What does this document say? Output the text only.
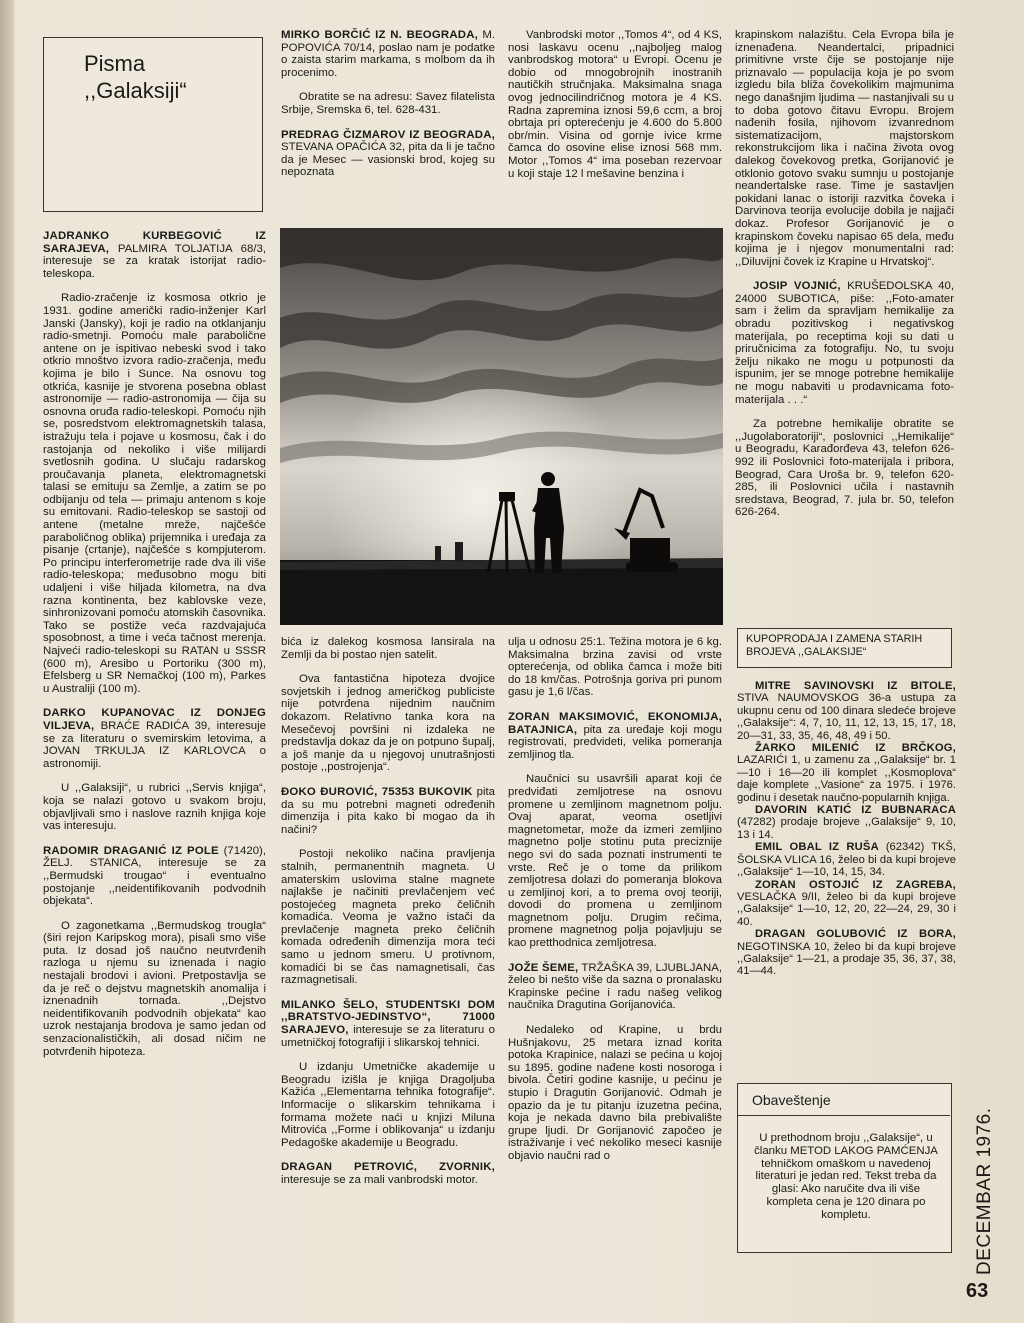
Pisma
,,Galaksiji“

JADRANKO KURBEGOVIĆ IZ SARAJEVA, PALMIRA TOLJATIJA 68/3, interesuje se za kratak istorijat radio-teleskopa.

Radio-zračenje iz kosmosa otkrio je 1931. godine američki radio-inženjer Karl Janski (Jansky), koji je radio na otklanjanju radio-smetnji. Pomoću male parabolične antene on je ispitivao nebeski svod i tako otkrio mnoštvo izvora radio-zračenja, među kojima je bilo i Sunce. Na osnovu tog otkrića, kasnije je stvorena posebna oblast astronomije — radio-astronomija — čija su osnovna oruđa radio-teleskopi. Pomoću njih se, posredstvom elektromagnetskih talasa, istražuju tela i pojave u kosmosu, čak i do rastojanja od nekoliko i više milijardi svetlosnih godina. U slučaju radarskog proučavanja planeta, elektromagnetski talasi se emituju sa Zemlje, a zatim se po odbijanju od tela — primaju antenom s koje su emitovani. Radio-teleskop se sastoji od antene (metalne mreže, najčešće paraboličnog oblika) prijemnika i uređaja za pisanje (crtanje), najčešće s kompjuterom. Po principu interferometrije rade dva ili više radio-teleskopa; međusobno mogu biti udaljeni i više hiljada kilometra, na dva razna kontinenta, bez kablovske veze, sinhronizovani pomoću atomskih časovnika. Tako se postiže veća razdvajajuća sposobnost, a time i veća tačnost merenja. Najveći radio-teleskopi su RATAN u SSSR (600 m), Aresibo u Portoriku (300 m), Efelsberg u SR Nemačkoj (100 m), Parkes u Australiji (100 m).

DARKO KUPANOVAC IZ DONJEG VILJEVA, BRAĆE RADIĆA 39, interesuje se za literaturu o svemirskim letovima, a JOVAN TRKULJA IZ KARLOVCA o astronomiji.

U ,,Galaksiji“, u rubrici ,,Servis knjiga“, koja se nalazi gotovo u svakom broju, objavljivali smo i naslove raznih knjiga koje vas interesuju.

RADOMIR DRAGANIĆ IZ POLE (71420), ŽELJ. STANICA, interesuje se za ,,Bermudski trougao“ i eventualno postojanje ,,neidentifikovanih podvodnih objekata“.

O zagonetkama ,,Bermudskog trougla“ (širi rejon Karipskog mora), pisali smo više puta. Iz dosad još naučno neutvrđenih razloga u njemu su iznenada i nagio nestajali brodovi i avioni. Pretpostavlja se da je reč o dejstvu magnetskih anomalija i iznenadnih tornada. ,,Dejstvo neidentifikovanih podvodnih objekata“ kao uzrok nestajanja brodova je samo jedan od senzacionalističkih, ali dosad ničim ne potvrđenih hipoteza.

MIRKO BORČIĆ IZ N. BEOGRADA, M. POPOVIĆA 70/14, poslao nam je podatke o zaista starim markama, s molbom da ih procenimo.

Obratite se na adresu: Savez filatelista Srbije, Sremska 6, tel. 628-431.

PREDRAG ČIZMAROV IZ BEOGRADA, STEVANA OPAČIĆA 32, pita da li je tačno da je Mesec — vasionski brod, kojeg su nepoznata

Vanbrodski motor ,,Tomos 4“, od 4 KS, nosi laskavu ocenu ,,najboljeg malog vanbrodskog motora“ u Evropi. Ocenu je dobio od mnogobrojnih inostranih nautičkih stručnjaka. Maksimalna snaga ovog jednocilindričnog motora je 4 KS. Radna zapremina iznosi 59,6 ccm, a broj obrtaja pri opterećenju je 4.600 do 5.800 obr/min. Visina od gornje ivice krme čamca do osovine elise iznosi 568 mm. Motor ,,Tomos 4“ ima poseban rezervoar u koji staje 12 l mešavine benzina i

bića iz dalekog kosmosa lansirala na Zemlji da bi postao njen satelit.

Ova fantastična hipoteza dvojice sovjetskih i jednog američkog publiciste nije potvrđena nijednim naučnim dokazom. Relativno tanka kora na Mesečevoj površini ni izdaleka ne predstavlja dokaz da je on potpuno šupalj, a još manje da u njegovoj unutrašnjosti postoje ,,postrojenja“.

ĐOKO ĐUROVIĆ, 75353 BUKOVIK pita da su mu potrebni magneti određenih dimenzija i pita kako bi mogao da ih načini?

Postoji nekoliko načina pravljenja stalnih, permanentnih magneta. U amaterskim uslovima stalne magnete najlakše je načiniti prevlačenjem već postojećeg magneta preko čeličnih komadića. Veoma je važno istači da prevlačenje magneta preko čeličnih komada određenih dimenzija mora teći samo u jednom smeru. U protivnom, komadići bi se čas namagnetisali, čas razmagnetisali.

MILANKO ŠELO, STUDENTSKI DOM ,,BRATSTVO-JEDINSTVO“, 71000 SARAJEVO, interesuje se za literaturu o umetničkoj fotografiji i slikarskoj tehnici.

U izdanju Umetničke akademije u Beogradu izišla je knjiga Dragoljuba Kažića ,,Elementarna tehnika fotografije“. Informacije o slikarskim tehnikama i formama možete naći u knjizi Miluna Mitrovića ,,Forme i oblikovanja“ u izdanju Pedagoške akademije u Beogradu.

DRAGAN PETROVIĆ, ZVORNIK, interesuje se za mali vanbrodski motor.

ulja u odnosu 25:1. Težina motora je 6 kg. Maksimalna brzina zavisi od vrste opterećenja, od oblika čamca i može biti do 18 km/čas. Potrošnja goriva pri punom gasu je 1,6 l/čas.

ZORAN MAKSIMOVIĆ, EKONOMIJA, BATAJNICA, pita za uređaje koji mogu registrovati, predvideti, velika pomeranja zemljinog tla.

Naučnici su usavršili aparat koji će predviđati zemljotrese na osnovu promene u zemljinom magnetnom polju. Ovaj aparat, veoma osetljivi magnetometar, može da izmeri zemljino magnetno polje stotinu puta preciznije nego svi do sada poznati instrumenti te vrste. Reč je o tome da prilikom zemljotresa dolazi do pomeranja blokova u zemljinoj kori, a to prema ovoj teoriji, dovodi do promena u zemljinom magnetnom polju. Drugim rečima, promene magnetnog polja pojavljuju se kao pretthodnica zemljotresa.

JOŽE ŠEME, TRŽAŠKA 39, LJUBLJANA, želeo bi nešto više da sazna o pronalasku Krapinske pećine i radu našeg velikog naučnika Dragutina Gorijanovića.

Nedaleko od Krapine, u brdu Hušnjakovu, 25 metara iznad korita potoka Krapinice, nalazi se pećina u kojoj su 1895. godine nađene kosti nosoroga i bivola. Četiri godine kasnije, u pećinu je stupio i Dragutin Gorijanović. Odmah je opazio da je tu pitanju izuzetna pećina, koja je nekada davno bila prebivalište grupe ljudi. Dr Gorijanović započeo je istraživanje i već nekoliko meseci kasnije objavio naučni rad o

krapinskom nalazištu. Cela Evropa bila je iznenađena. Neandertalci, pripadnici primitivne vrste čije se postojanje nije priznavalo — populacija koja je po svom izgledu bila bliža čovekolikim majmunima nego današnjim ljudima — nastanjivali su u to doba gotovo čitavu Evropu. Brojem nađenih fosila, njihovom izvanrednom sistematizacijom, majstorskom rekonstrukcijom lika i načina života ovog dalekog čovekovog pretka, Gorijanović je otklonio gotovo svaku sumnju u postojanje neandertalske rase. Time je sastavljen pokidani lanac o istoriji razvitka čoveka i Darvinova teorija evolucije dobila je najjači dokaz. Profesor Gorijanović je o krapinskom čoveku napisao 65 dela, među kojima je i njegov monumentalni rad: ,,Diluvijni čovek iz Krapine u Hrvatskoj“.

JOSIP VOJNIĆ, KRUŠEDOLSKA 40, 24000 SUBOTICA, piše: ,,Foto-amater sam i želim da spravljam hemikalije za obradu pozitivskog i negativskog materijala, po receptima koji su dati u priručnicima za fotografiju. No, tu svoju želju nikako ne mogu u potpunosti da ispunim, jer se mnoge potrebne hemikalije ne mogu nabaviti u prodavnicama foto-materijala . . .“

Za potrebne hemikalije obratite se ,,Jugolaboratoriji“, poslovnici ,,Hemikalije“ u Beogradu, Karađorđeva 43, telefon 626-992 ili Poslovnici foto-materijala i pribora, Beograd, Cara Uroša br. 9, telefon 620-285, ili Poslovnici učila i nastavnih sredstava, Beograd, 7. jula br. 50, telefon 626-264.

KUPOPRODAJA I ZAMENA STARIH BROJEVA ,,GALAKSIJE“

MITRE SAVINOVSKI IZ BITOLE, STIVA NAUMOVSKOG 36-a ustupa za ukupnu cenu od 100 dinara sledeće brojeve ,,Galaksije“: 4, 7, 10, 11, 12, 13, 15, 17, 18, 20—31, 33, 35, 46, 48, 49 i 50.

ŽARKO MILENIĆ IZ BRČKOG, LAZARIĆI 1, u zamenu za ,,Galaksije“ br. 1—10 i 16—20 ili komplet ,,Kosmoplova“ daje komplete ,,Vasione“ za 1975. i 1976. godinu i desetak naučno-popularnih knjiga.

DAVORIN KATIĆ IZ BUBNARACA (47282) prodaje brojeve ,,Galaksije“ 9, 10, 13 i 14.

EMIL OBAL IZ RUŠA (62342) TKŠ, ŠOLSKA VLICA 16, želeo bi da kupi brojeve ,,Galaksije“ 1—10, 14, 15, 34.

ZORAN OSTOJIĆ IZ ZAGREBA, VESLAČKA 9/II, želeo bi da kupi brojeve ,,Galaksije“ 1—10, 12, 20, 22—24, 29, 30 i 40.

DRAGAN GOLUBOVIĆ IZ BORA, NEGOTINSKA 10, želeo bi da kupi brojeve ,,Galaksije“ 1—21, a prodaje 35, 36, 37, 38, 41—44.

Obaveštenje
U prethodnom broju ,,Galaksije“, u članku METOD LAKOG PAMĆENJA tehničkom omaškom u navedenoj literaturi je jedan red. Tekst treba da glasi: Ako naručite dva ili više kompleta cena je 120 dinara po kompletu.	DECEMBAR 1976.
63
